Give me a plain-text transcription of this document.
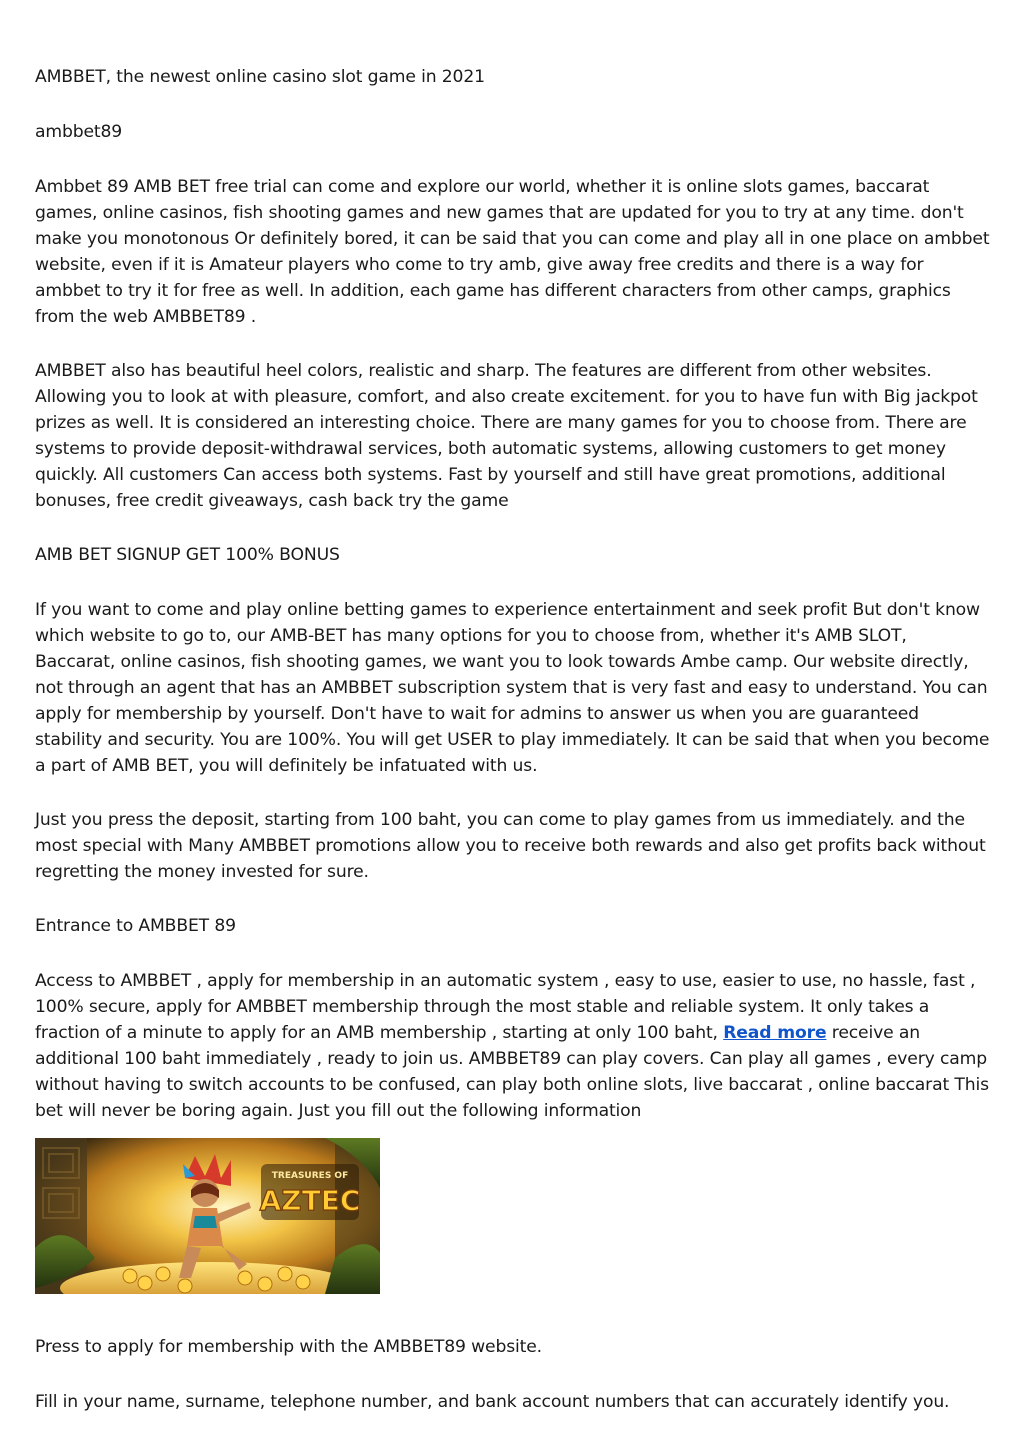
AMBBET, the newest online casino slot game in 2021

ambbet89

Ambbet 89 AMB BET free trial can come and explore our world, whether it is online slots games, baccarat games, online casinos, fish shooting games and new games that are updated for you to try at any time. don't make you monotonous Or definitely bored, it can be said that you can come and play all in one place on ambbet website, even if it is Amateur players who come to try amb, give away free credits and there is a way for ambbet to try it for free as well. In addition, each game has different characters from other camps, graphics from the web AMBBET89 .

AMBBET also has beautiful heel colors, realistic and sharp. The features are different from other websites. Allowing you to look at with pleasure, comfort, and also create excitement. for you to have fun with Big jackpot prizes as well. It is considered an interesting choice. There are many games for you to choose from. There are systems to provide deposit-withdrawal services, both automatic systems, allowing customers to get money quickly. All customers Can access both systems. Fast by yourself and still have great promotions, additional bonuses, free credit giveaways, cash back try the game

AMB BET SIGNUP GET 100% BONUS

If you want to come and play online betting games to experience entertainment and seek profit But don't know which website to go to, our AMB-BET has many options for you to choose from, whether it's AMB SLOT, Baccarat, online casinos, fish shooting games, we want you to look towards Ambe camp. Our website directly, not through an agent that has an AMBBET subscription system that is very fast and easy to understand. You can apply for membership by yourself. Don't have to wait for admins to answer us when you are guaranteed stability and security. You are 100%. You will get USER to play immediately. It can be said that when you become a part of AMB BET, you will definitely be infatuated with us.

Just you press the deposit, starting from 100 baht, you can come to play games from us immediately. and the most special with Many AMBBET promotions allow you to receive both rewards and also get profits back without regretting the money invested for sure.

Entrance to AMBBET 89

Access to AMBBET , apply for membership in an automatic system , easy to use, easier to use, no hassle, fast , 100% secure, apply for AMBBET membership through the most stable and reliable system. It only takes a fraction of a minute to apply for an AMB membership , starting at only 100 baht, Read more receive an additional 100 baht immediately , ready to join us. AMBBET89 can play covers. Can play all games , every camp without having to switch accounts to be confused, can play both online slots, live baccarat , online baccarat This bet will never be boring again. Just you fill out the following information

TREASURES OF
AZTEC

Press to apply for membership with the AMBBET89 website.

Fill in your name, surname, telephone number, and bank account numbers that can accurately identify you.
